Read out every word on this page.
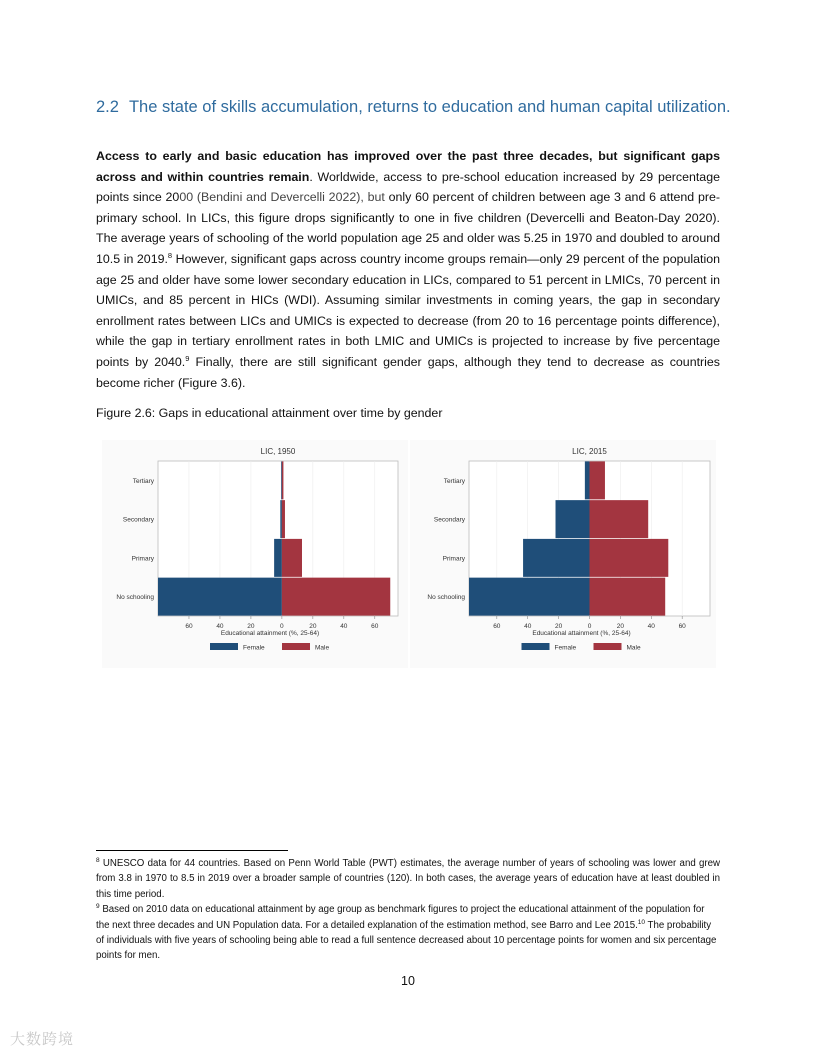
2.2 The state of skills accumulation, returns to education and human capital utilization.

Access to early and basic education has improved over the past three decades, but significant gaps across and within countries remain. Worldwide, access to pre-school education increased by 29 percentage points since 2000 (Bendini and Devercelli 2022), but only 60 percent of children between age 3 and 6 attend pre-primary school. In LICs, this figure drops significantly to one in five children (Devercelli and Beaton-Day 2020). The average years of schooling of the world population age 25 and older was 5.25 in 1970 and doubled to around 10.5 in 2019.$^8$ However, significant gaps across country income groups remain—only 29 percent of the population age 25 and older have some lower secondary education in LICs, compared to 51 percent in LMICs, 70 percent in UMICs, and 85 percent in HICs (WDI). Assuming similar investments in coming years, the gap in secondary enrollment rates between LICs and UMICs is expected to decrease (from 20 to 16 percentage points difference), while the gap in tertiary enrollment rates in both LMIC and UMICs is projected to increase by five percentage points by 2040.$^9$ Finally, there are still significant gender gaps, although they tend to decrease as countries become richer (Figure 3.6).

Figure 2.6: Gaps in educational attainment over time by gender

LIC, 1950
Tertiary
Secondary
Primary
No schooling
60	40	20	0	20	40	60
Educational attainment (%, 25-64)
Female	Male
LIC, 2015
Tertiary
Secondary
Primary
No schooling
60	40	20	0	20	40	60
Educational attainment (%, 25-64)
Female	Male

$^8$ UNESCO data for 44 countries. Based on Penn World Table (PWT) estimates, the average number of years of schooling was lower and grew from 3.8 in 1970 to 8.5 in 2019 over a broader sample of countries (120). In both cases, the average years of education have at least doubled in this time period.

$^9$ Based on 2010 data on educational attainment by age group as benchmark figures to project the educational attainment of the population for the next three decades and UN Population data. For a detailed explanation of the estimation method, see Barro and Lee 2015.10 The probability of individuals with five years of schooling being able to read a full sentence decreased about 10 percentage points for women and six percentage points for men.

10
大数跨境
